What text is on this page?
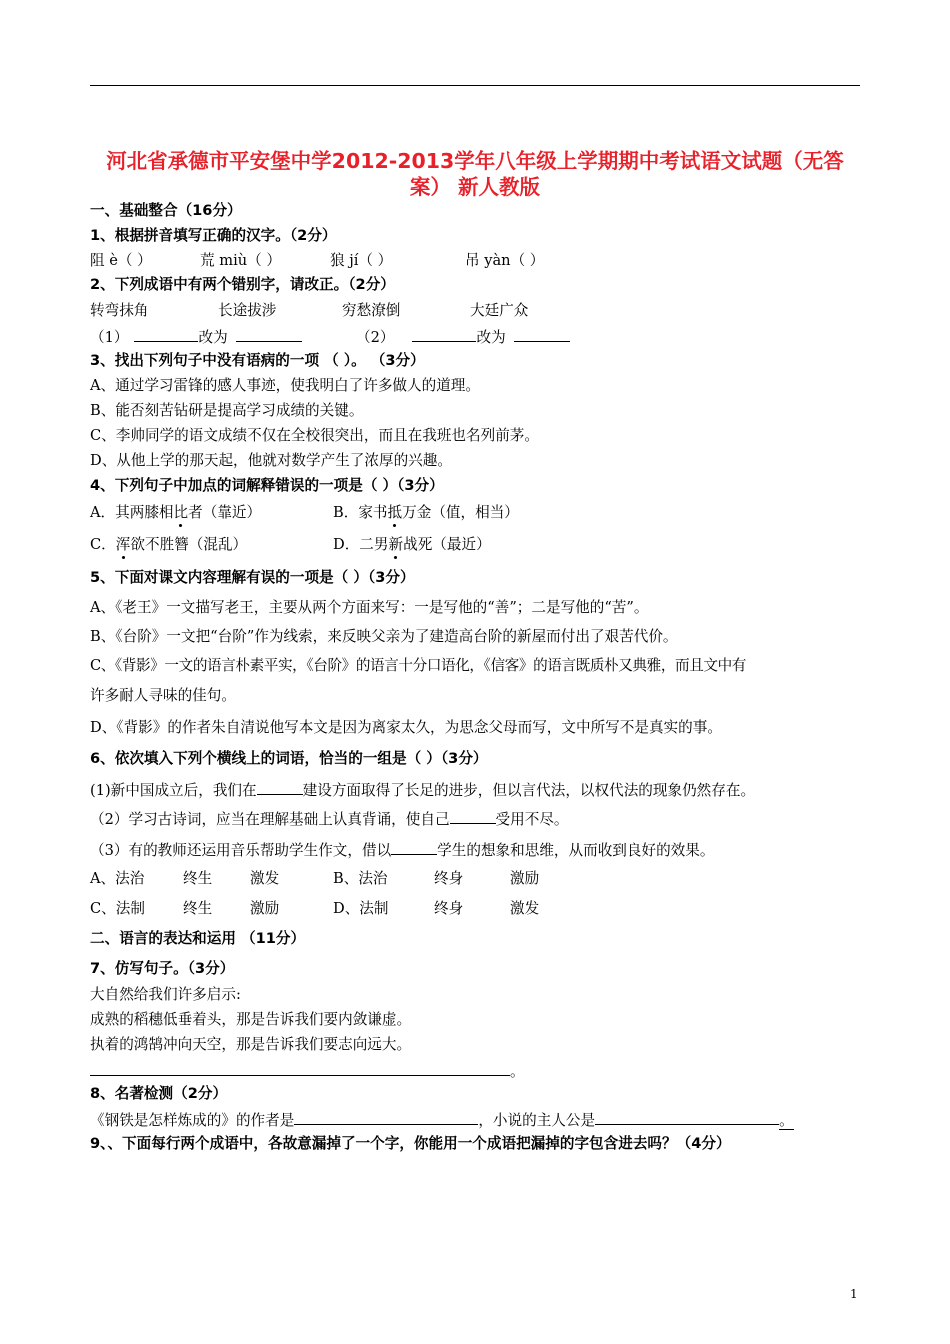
河北省承德市平安堡中学2012-2013学年八年级上学期期中考试语文试题（无答
案） 新人教版
一、基础整合（16分）
1、根据拼音填写正确的汉字。（2分）
阻 è（ ）	荒 miù（ ）	狼 jí（ ）	吊 yàn（ ）
2、下列成语中有两个错别字，请改正。（2分）
转弯抹角	长途拔涉	穷愁潦倒	大廷广众
（1）	改为	（2）	改为
3、找出下列句子中没有语病的一项 （ ）。 （3分）
A、通过学习雷锋的感人事迹，使我明白了许多做人的道理。
B、能否刻苦钻研是提高学习成绩的关键。
C、李帅同学的语文成绩不仅在全校很突出，而且在我班也名列前茅。
D、从他上学的那天起，他就对数学产生了浓厚的兴趣。
4、下列句子中加点的词解释错误的一项是（ ）（3分）
A．其两膝相比者（靠近）	B．家书抵万金（值，相当）
C．浑欲不胜簪（混乱）	D．二男新战死（最近）
5、下面对课文内容理解有误的一项是（ ）（3分）
A、《老王》一文描写老王，主要从两个方面来写：一是写他的“善”；二是写他的“苦”。
B、《台阶》一文把“台阶”作为线索，来反映父亲为了建造高台阶的新屋而付出了艰苦代价。
C、《背影》一文的语言朴素平实，《台阶》的语言十分口语化，《信客》的语言既质朴又典雅，而且文中有
许多耐人寻味的佳句。
D、《背影》的作者朱自清说他写本文是因为离家太久，为思念父母而写，文中所写不是真实的事。
6、依次填入下列个横线上的词语，恰当的一组是（ ）（3分）
(1)新中国成立后，我们在	建设方面取得了长足的进步，但以言代法，以权代法的现象仍然存在。
（2）学习古诗词，应当在理解基础上认真背诵，使自己	受用不尽。
（3）有的教师还运用音乐帮助学生作文，借以	学生的想象和思维，从而收到良好的效果。
A、法治	终生	激发	B、法治	终身	激励
C、法制	终生	激励	D、法制	终身	激发
二、语言的表达和运用 （11分）
7、仿写句子。（3分）
大自然给我们许多启示:
成熟的稻穗低垂着头，那是告诉我们要内敛谦虚。
执着的鸿鹄冲向天空，那是告诉我们要志向远大。
。
8、名著检测（2分）
《钢铁是怎样炼成的》的作者是	，小说的主人公是	。
9、、下面每行两个成语中，各故意漏掉了一个字，你能用一个成语把漏掉的字包含进去吗？（4分）
1
